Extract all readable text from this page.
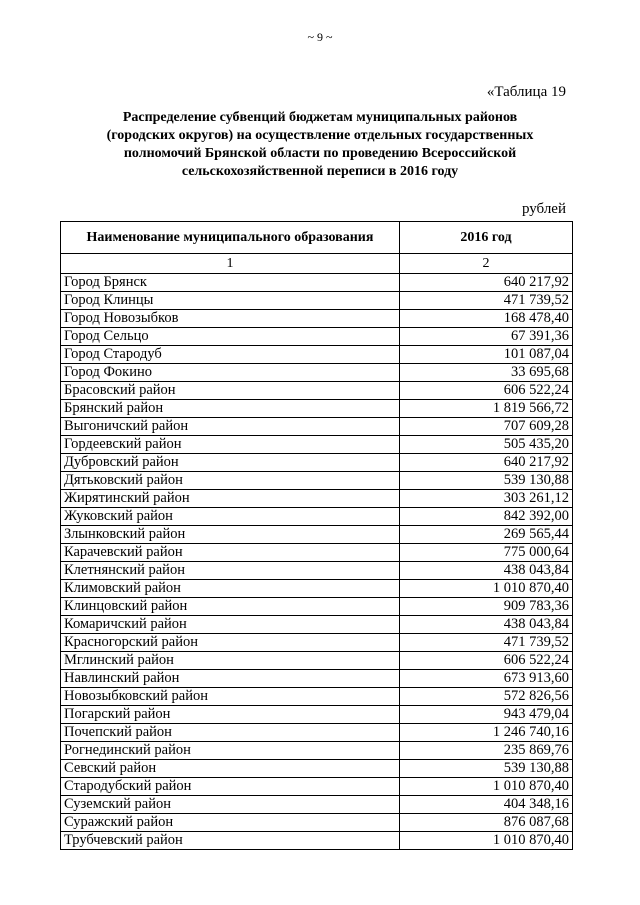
~ 9 ~
«Таблица 19
Распределение субвенций бюджетам муниципальных районов
(городских округов) на осуществление отдельных государственных
полномочий Брянской области по проведению Всероссийской
сельскохозяйственной переписи в 2016 году
рублей
Наименование муниципального образования	2016 год
1	2
Город Брянск	640 217,92
Город Клинцы	471 739,52
Город Новозыбков	168 478,40
Город Сельцо	67 391,36
Город Стародуб	101 087,04
Город Фокино	33 695,68
Брасовский район	606 522,24
Брянский район	1 819 566,72
Выгоничский район	707 609,28
Гордеевский район	505 435,20
Дубровский район	640 217,92
Дятьковский район	539 130,88
Жирятинский район	303 261,12
Жуковский район	842 392,00
Злынковский район	269 565,44
Карачевский район	775 000,64
Клетнянский район	438 043,84
Климовский район	1 010 870,40
Клинцовский район	909 783,36
Комаричский район	438 043,84
Красногорский район	471 739,52
Мглинский район	606 522,24
Навлинский район	673 913,60
Новозыбковский район	572 826,56
Погарский район	943 479,04
Почепский район	1 246 740,16
Рогнединский район	235 869,76
Севский район	539 130,88
Стародубский район	1 010 870,40
Суземский район	404 348,16
Суражский район	876 087,68
Трубчевский район	1 010 870,40
